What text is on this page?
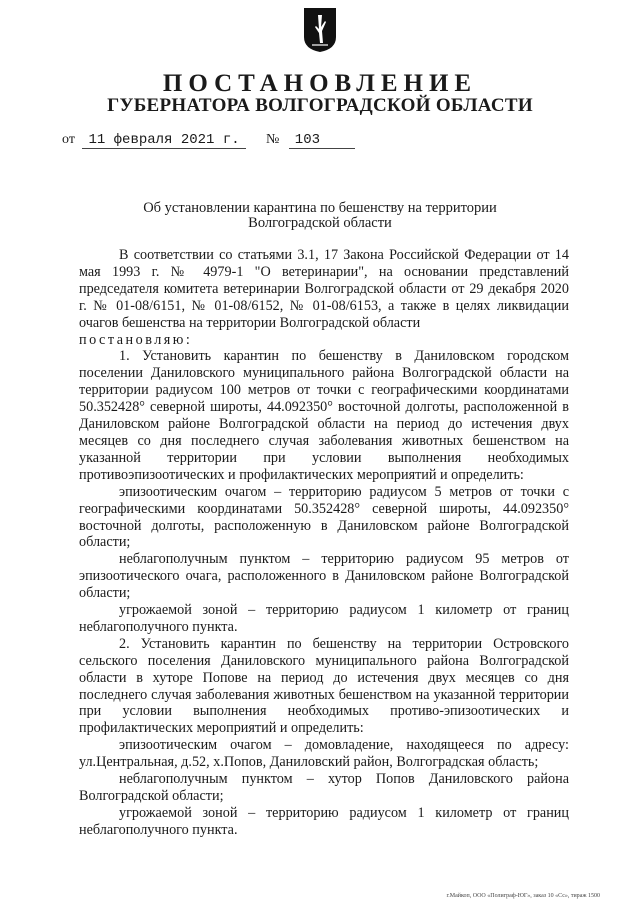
ПОСТАНОВЛЕНИЕ
ГУБЕРНАТОРА ВОЛГОГРАДСКОЙ ОБЛАСТИ
от 11 февраля 2021 г. № 103
Об установлении карантина по бешенству на территории
Волгоградской области

В соответствии со статьями 3.1, 17 Закона Российской Федерации от 14 мая 1993 г. № 4979-1 "О ветеринарии", на основании представлений председателя комитета ветеринарии Волгоградской области от 29 декабря 2020 г. № 01-08/6151, № 01-08/6152, № 01-08/6153, а также в целях ликвидации очагов бешенства на территории Волгоградской области

постановляю:

1. Установить карантин по бешенству в Даниловском городском поселении Даниловского муниципального района Волгоградской области на территории радиусом 100 метров от точки с географическими координатами 50.352428° северной широты, 44.092350° восточной долготы, расположенной в Даниловском районе Волгоградской области на период до истечения двух месяцев со дня последнего случая заболевания животных бешенством на указанной территории при условии выполнения необходимых противоэпизоотических и профилактических мероприятий и определить:

эпизоотическим очагом – территорию радиусом 5 метров от точки с географическими координатами 50.352428° северной широты, 44.092350° восточной долготы, расположенную в Даниловском районе Волгоградской области;

неблагополучным пунктом – территорию радиусом 95 метров от эпизоотического очага, расположенного в Даниловском районе Волгоградской области;

угрожаемой зоной – территорию радиусом 1 километр от границ неблагополучного пункта.

2. Установить карантин по бешенству на территории Островского сельского поселения Даниловского муниципального района Волгоградской области в хуторе Попове на период до истечения двух месяцев со дня последнего случая заболевания животных бешенством на указанной территории при условии выполнения необходимых противо-эпизоотических и профилактических мероприятий и определить:

эпизоотическим очагом – домовладение, находящееся по адресу: ул.Центральная, д.52, х.Попов, Даниловский район, Волгоградская область;

неблагополучным пунктом – хутор Попов Даниловского района Волгоградской области;

угрожаемой зоной – территорию радиусом 1 километр от границ неблагополучного пункта.

г.Майкоп, ООО «Полиграф-ЮГ», заказ 10 «Сс», тираж 1500
